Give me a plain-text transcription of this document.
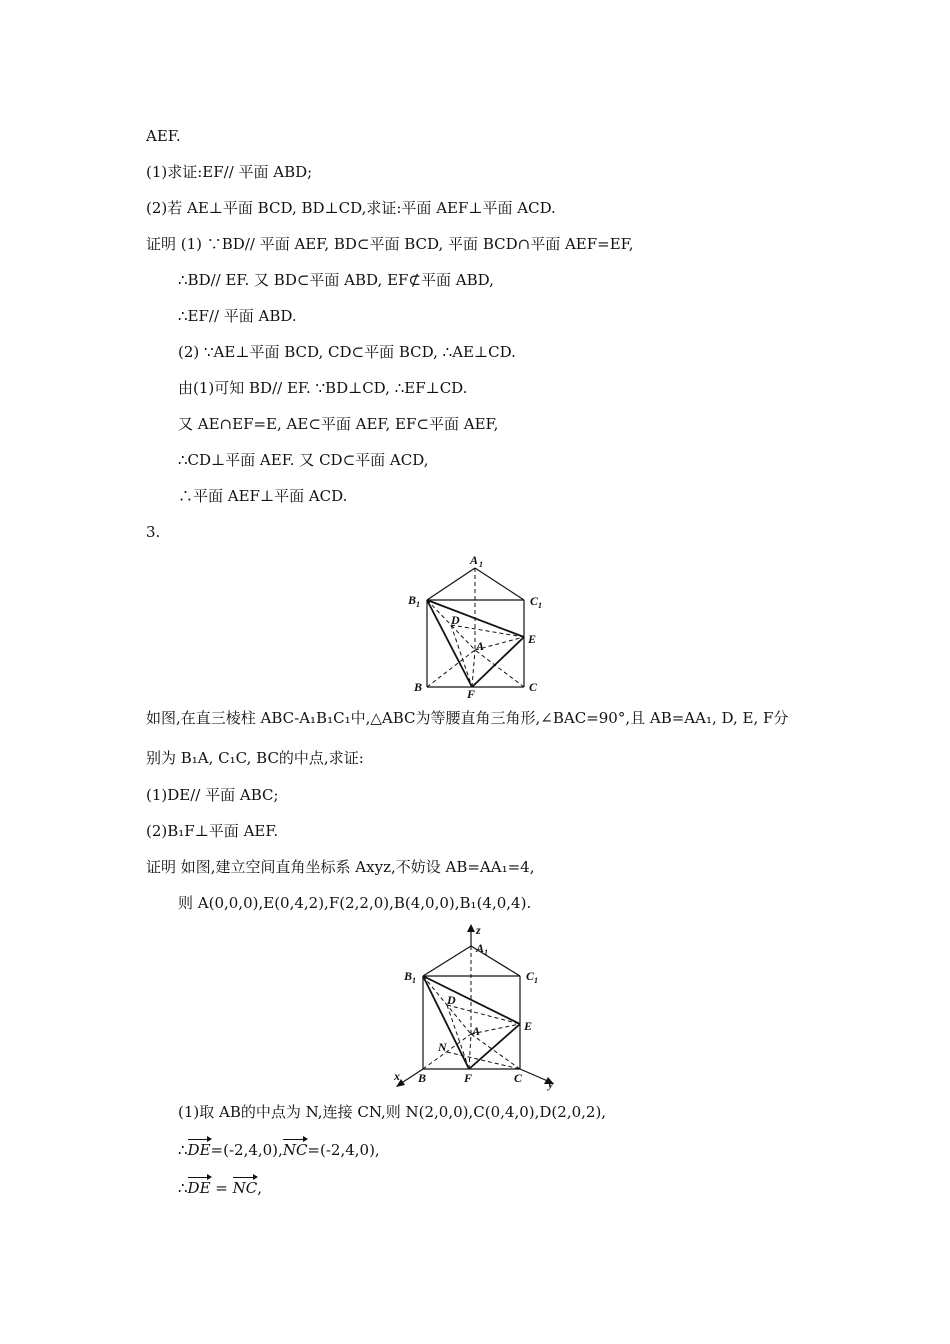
AEF.
(1)求证:EF// 平面 ABD;
(2)若 AE⊥平面 BCD, BD⊥CD,求证:平面 AEF⊥平面 ACD.
证明 (1) ∵BD// 平面 AEF, BD⊂平面 BCD, 平面 BCD∩平面 AEF=EF,
∴BD// EF. 又 BD⊂平面 ABD, EF⊄平面 ABD,
∴EF// 平面 ABD.
(2) ∵AE⊥平面 BCD, CD⊂平面 BCD, ∴AE⊥CD.
由(1)可知 BD// EF. ∵BD⊥CD, ∴EF⊥CD.
又 AE∩EF=E, AE⊂平面 AEF, EF⊂平面 AEF,
∴CD⊥平面 AEF. 又 CD⊂平面 ACD,
∴平面 AEF⊥平面 ACD.
3.
A 1
B 1	C 1
D
E
A
B	F	C
如图,在直三棱柱 ABC-A₁B₁C₁中,△ABC为等腰直角三角形,∠BAC=90°,且 AB=AA₁, D, E, F分
别为 B₁A, C₁C, BC的中点,求证:
(1)DE// 平面 ABC;
(2)B₁F⊥平面 AEF.
证明 如图,建立空间直角坐标系 Axyz,不妨设 AB=AA₁=4,
则 A(0,0,0),E(0,4,2),F(2,2,0),B(4,0,0),B₁(4,0,4).
z
A 1
B 1	C 1
D
E
A
N
x B	F	C y
(1)取 AB的中点为 N,连接 CN,则 N(2,0,0),C(0,4,0),D(2,0,2),
∴DE=(-2,4,0),NC=(-2,4,0),
∴DE = NC,
